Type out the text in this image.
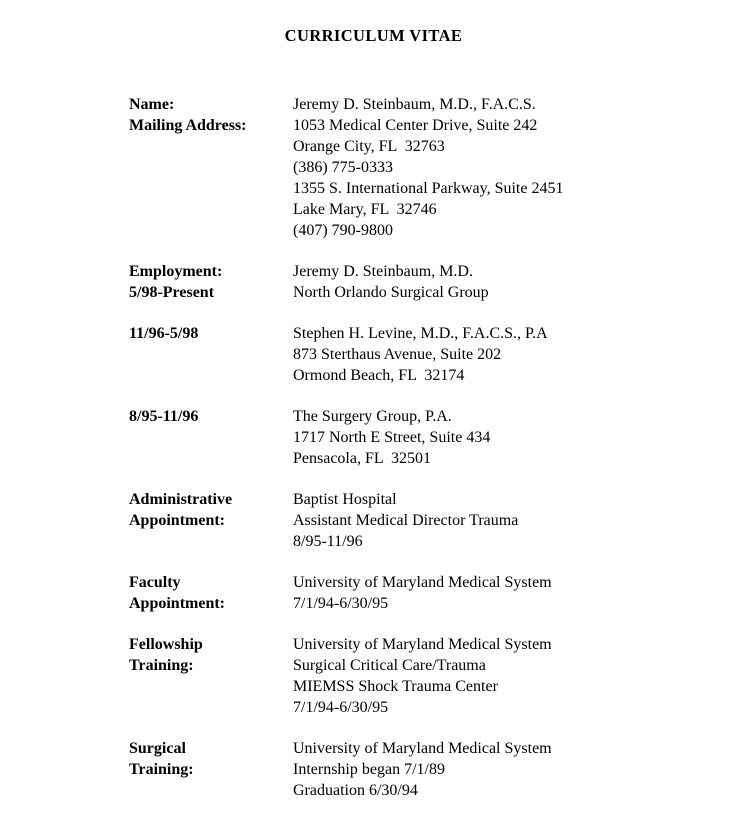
CURRICULUM VITAE
Name:
Mailing Address:
Jeremy D. Steinbaum, M.D., F.A.C.S.
1053 Medical Center Drive, Suite 242
Orange City, FL  32763
(386) 775-0333
1355 S. International Parkway, Suite 2451
Lake Mary, FL  32746
(407) 790-9800
Employment:
5/98-Present
Jeremy D. Steinbaum, M.D.
North Orlando Surgical Group
11/96-5/98	Stephen H. Levine, M.D., F.A.C.S., P.A
873 Sterthaus Avenue, Suite 202
Ormond Beach, FL  32174
8/95-11/96	The Surgery Group, P.A.
1717 North E Street, Suite 434
Pensacola, FL  32501
Administrative
Appointment:
Baptist Hospital
Assistant Medical Director Trauma
8/95-11/96
Faculty
Appointment:
University of Maryland Medical System
7/1/94-6/30/95
Fellowship
Training:
University of Maryland Medical System
Surgical Critical Care/Trauma
MIEMSS Shock Trauma Center
7/1/94-6/30/95
Surgical
Training:
University of Maryland Medical System
Internship began 7/1/89
Graduation 6/30/94
